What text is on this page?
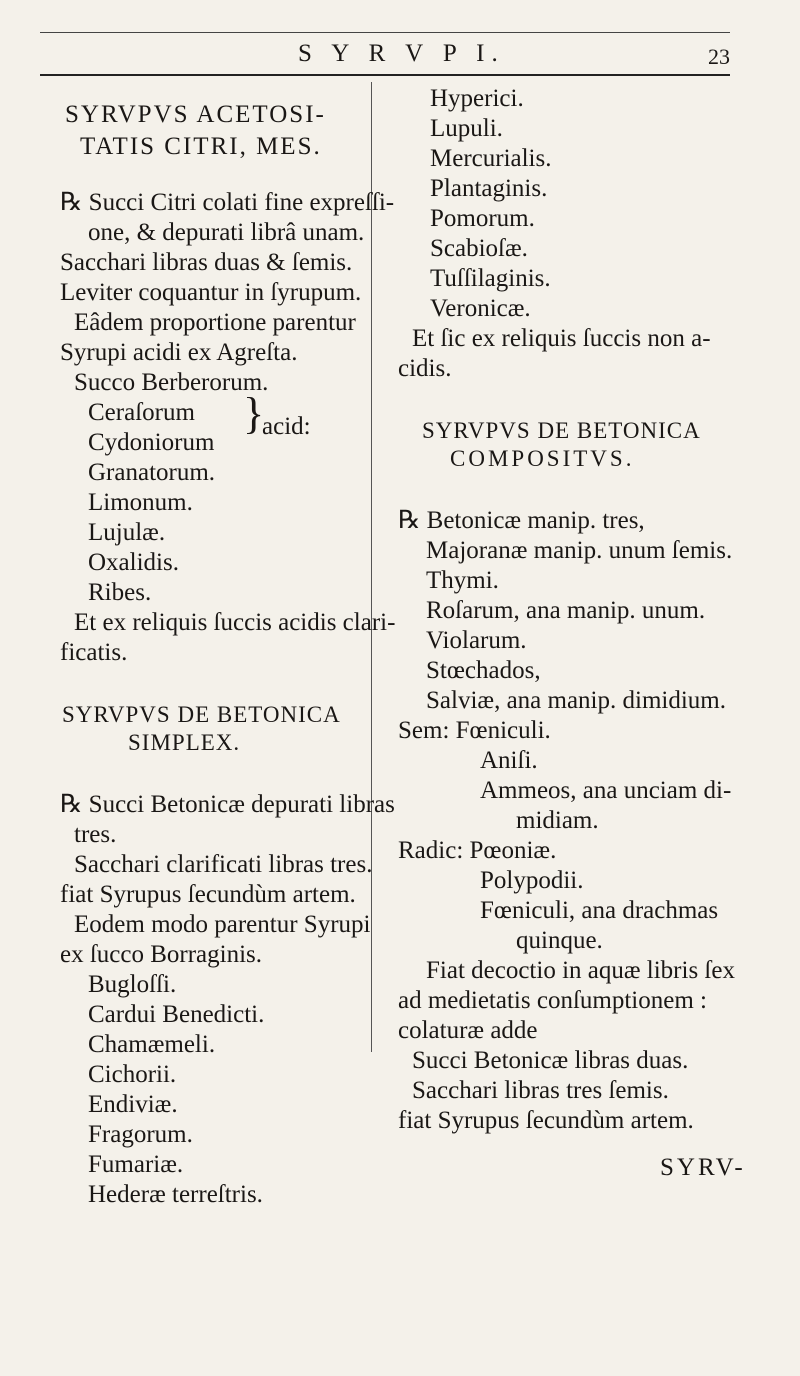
S Y R V P I.	23
SYRVPVS ACETOSI-
TATIS CITRI, MES.
℞ Succi Citri colati fine expreſſi-
one, & depurati librâ unam.
Sacchari libras duas & ſemis.
Leviter coquantur in ſyrupum.
Eâdem proportione parentur
Syrupi acidi ex Agreſta.
Succo Berberorum.
Ceraſorum
Cydoniorum
}
acid:
Granatorum.
Limonum.
Lujulæ.
Oxalidis.
Ribes.
Et ex reliquis ſuccis acidis clari-
ficatis.
SYRVPVS DE BETONICA
SIMPLEX.
℞ Succi Betonicæ depurati libras
tres.
Sacchari clarificati libras tres.
fiat Syrupus ſecundùm artem.
Eodem modo parentur Syrupi
ex ſucco Borraginis.
Bugloſſi.
Cardui Benedicti.
Chamæmeli.
Cichorii.
Endiviæ.
Fragorum.
Fumariæ.
Hederæ terreſtris.
Hyperici.
Lupuli.
Mercurialis.
Plantaginis.
Pomorum.
Scabioſæ.
Tuſſilaginis.
Veronicæ.
Et ſic ex reliquis ſuccis non a-
cidis.
SYRVPVS DE BETONICA
COMPOSITVS.
℞ Betonicæ manip. tres,
Majoranæ manip. unum ſemis.
Thymi.
Roſarum, ana manip. unum.
Violarum.
Stœchados,
Salviæ, ana manip. dimidium.
Sem: Fœniculi.
Aniſi.
Ammeos, ana unciam di-
midiam.
Radic: Pœoniæ.
Polypodii.
Fœniculi, ana drachmas
quinque.
Fiat decoctio in aquæ libris ſex
ad medietatis conſumptionem :
colaturæ adde
Succi Betonicæ libras duas.
Sacchari libras tres ſemis.
fiat Syrupus ſecundùm artem.
SYRV-
